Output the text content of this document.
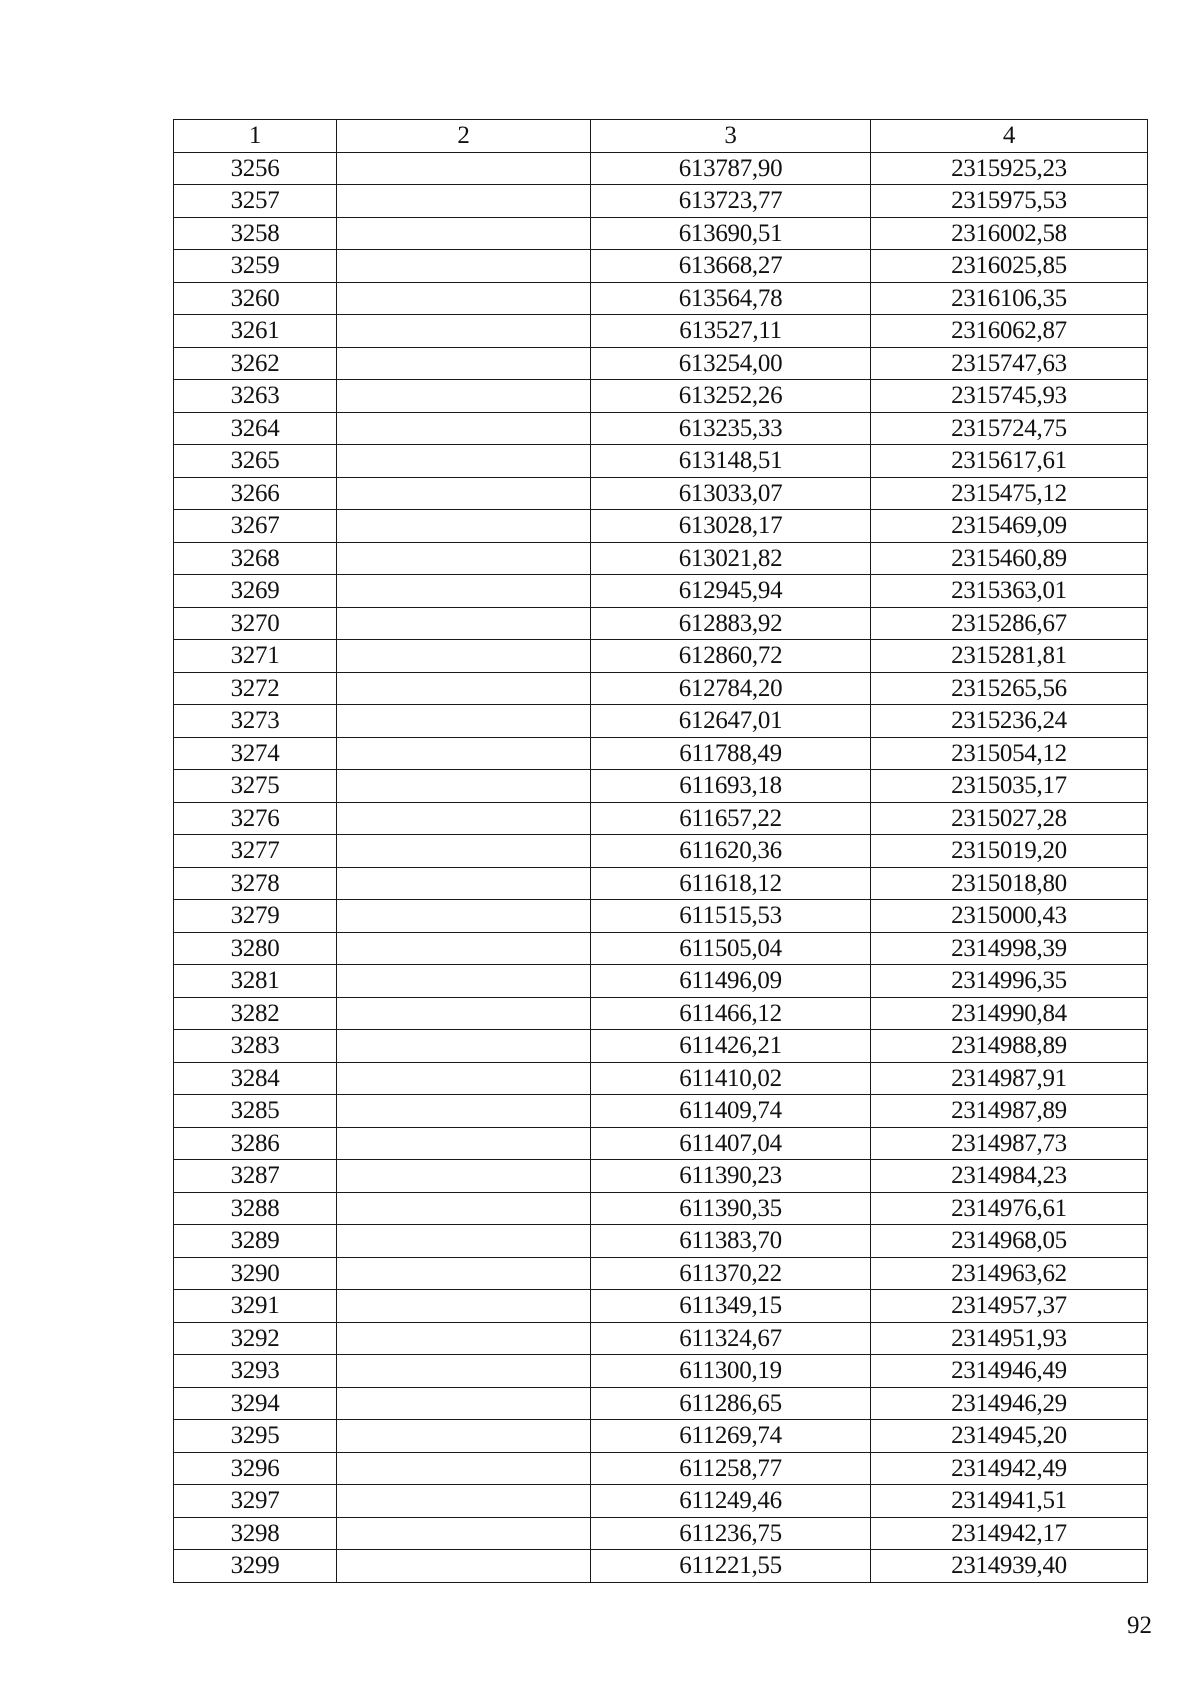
1	2	3	4
3256		613787,90	2315925,23
3257		613723,77	2315975,53
3258		613690,51	2316002,58
3259		613668,27	2316025,85
3260		613564,78	2316106,35
3261		613527,11	2316062,87
3262		613254,00	2315747,63
3263		613252,26	2315745,93
3264		613235,33	2315724,75
3265		613148,51	2315617,61
3266		613033,07	2315475,12
3267		613028,17	2315469,09
3268		613021,82	2315460,89
3269		612945,94	2315363,01
3270		612883,92	2315286,67
3271		612860,72	2315281,81
3272		612784,20	2315265,56
3273		612647,01	2315236,24
3274		611788,49	2315054,12
3275		611693,18	2315035,17
3276		611657,22	2315027,28
3277		611620,36	2315019,20
3278		611618,12	2315018,80
3279		611515,53	2315000,43
3280		611505,04	2314998,39
3281		611496,09	2314996,35
3282		611466,12	2314990,84
3283		611426,21	2314988,89
3284		611410,02	2314987,91
3285		611409,74	2314987,89
3286		611407,04	2314987,73
3287		611390,23	2314984,23
3288		611390,35	2314976,61
3289		611383,70	2314968,05
3290		611370,22	2314963,62
3291		611349,15	2314957,37
3292		611324,67	2314951,93
3293		611300,19	2314946,49
3294		611286,65	2314946,29
3295		611269,74	2314945,20
3296		611258,77	2314942,49
3297		611249,46	2314941,51
3298		611236,75	2314942,17
3299		611221,55	2314939,40
92
